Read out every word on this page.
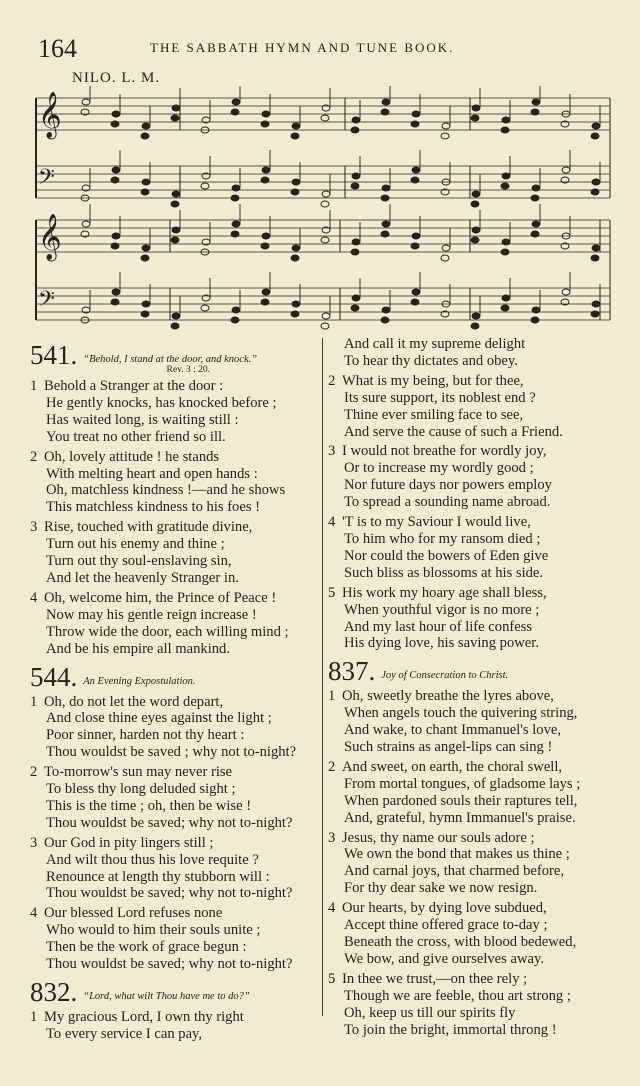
164	THE SABBATH HYMN AND TUNE BOOK.
NILO. L. M.
𝄞
𝄢
𝄞
𝄢
541. “Behold, I stand at the door, and knock.”
Rev. 3 : 20.
1 Behold a Stranger at the door :
He gently knocks, has knocked before ;
Has waited long, is waiting still :
You treat no other friend so ill.
2 Oh, lovely attitude ! he stands
With melting heart and open hands :
Oh, matchless kindness !—and he shows
This matchless kindness to his foes !
3 Rise, touched with gratitude divine,
Turn out his enemy and thine ;
Turn out thy soul-enslaving sin,
And let the heavenly Stranger in.
4 Oh, welcome him, the Prince of Peace !
Now may his gentle reign increase !
Throw wide the door, each willing mind ;
And be his empire all mankind.
544. An Evening Expostulation.
1 Oh, do not let the word depart,
And close thine eyes against the light ;
Poor sinner, harden not thy heart :
Thou wouldst be saved ; why not to-night?
2 To-morrow's sun may never rise
To bless thy long deluded sight ;
This is the time ; oh, then be wise !
Thou wouldst be saved; why not to-night?
3 Our God in pity lingers still ;
And wilt thou thus his love requite ?
Renounce at length thy stubborn will :
Thou wouldst be saved; why not to-night?
4 Our blessed Lord refuses none
Who would to him their souls unite ;
Then be the work of grace begun :
Thou wouldst be saved; why not to-night?
832. “Lord, what wilt Thou have me to do?”
1 My gracious Lord, I own thy right
To every service I can pay,
And call it my supreme delight
To hear thy dictates and obey.
2 What is my being, but for thee,
Its sure support, its noblest end ?
Thine ever smiling face to see,
And serve the cause of such a Friend.
3 I would not breathe for wordly joy,
Or to increase my wordly good ;
Nor future days nor powers employ
To spread a sounding name abroad.
4 'T is to my Saviour I would live,
To him who for my ransom died ;
Nor could the bowers of Eden give
Such bliss as blossoms at his side.
5 His work my hoary age shall bless,
When youthful vigor is no more ;
And my last hour of life confess
His dying love, his saving power.
837. Joy of Consecration to Christ.
1 Oh, sweetly breathe the lyres above,
When angels touch the quivering string,
And wake, to chant Immanuel's love,
Such strains as angel-lips can sing !
2 And sweet, on earth, the choral swell,
From mortal tongues, of gladsome lays ;
When pardoned souls their raptures tell,
And, grateful, hymn Immanuel's praise.
3 Jesus, thy name our souls adore ;
We own the bond that makes us thine ;
And carnal joys, that charmed before,
For thy dear sake we now resign.
4 Our hearts, by dying love subdued,
Accept thine offered grace to-day ;
Beneath the cross, with blood bedewed,
We bow, and give ourselves away.
5 In thee we trust,—on thee rely ;
Though we are feeble, thou art strong ;
Oh, keep us till our spirits fly
To join the bright, immortal throng !
